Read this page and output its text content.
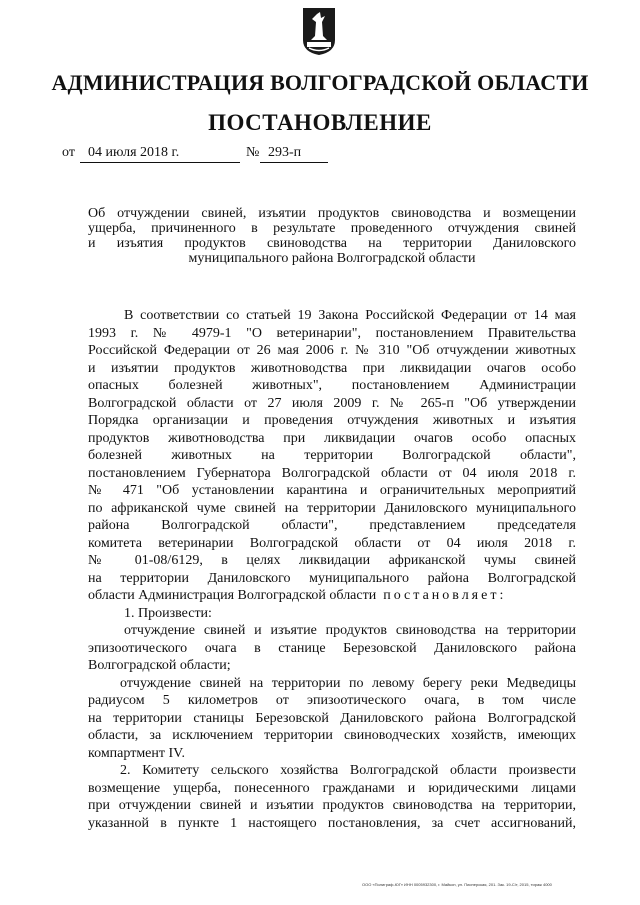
АДМИНИСТРАЦИЯ ВОЛГОГРАДСКОЙ ОБЛАСТИ
ПОСТАНОВЛЕНИЕ
от 04 июля 2018 г.	№ 293-п
Об отчуждении свиней, изъятии продуктов свиноводства и возмещении
ущерба, причиненного в результате проведенного отчуждения свиней
и изъятия продуктов свиноводства на территории Даниловского
муниципального района Волгоградской области
В соответствии со статьей 19 Закона Российской Федерации от 14 мая
1993 г. № 4979-1 "О ветеринарии", постановлением Правительства
Российской Федерации от 26 мая 2006 г. № 310 "Об отчуждении животных
и изъятии продуктов животноводства при ликвидации очагов особо
опасных болезней животных", постановлением Администрации
Волгоградской области от 27 июля 2009 г. № 265-п "Об утверждении
Порядка организации и проведения отчуждения животных и изъятия
продуктов животноводства при ликвидации очагов особо опасных
болезней животных на территории Волгоградской области",
постановлением Губернатора Волгоградской области от 04 июля 2018 г.
№ 471 "Об установлении карантина и ограничительных мероприятий
по африканской чуме свиней на территории Даниловского муниципального
района Волгоградской области", представлением председателя
комитета ветеринарии Волгоградской области от 04 июля 2018 г.
№ 01-08/6129, в целях ликвидации африканской чумы свиней
на территории Даниловского муниципального района Волгоградской
области Администрация Волгоградской области постановляет:
1. Произвести:
отчуждение свиней и изъятие продуктов свиноводства на территории
эпизоотического очага в станице Березовской Даниловского района
Волгоградской области;
отчуждение свиней на территории по левому берегу реки Медведицы
радиусом 5 километров от эпизоотического очага, в том числе
на территории станицы Березовской Даниловского района Волгоградской
области, за исключением территории свиноводческих хозяйств, имеющих
компартмент IV.
2. Комитету сельского хозяйства Волгоградской области произвести
возмещение ущерба, понесенного гражданами и юридическими лицами
при отчуждении свиней и изъятии продуктов свиноводства на территории,
указанной в пункте 1 настоящего постановления, за счет ассигнований,
ООО «Полиграф-ЮГ» ИНН 0005932300, г. Майкоп, ул. Пионерская, 201. Зак. 19-С/т, 2015, тираж 4000
